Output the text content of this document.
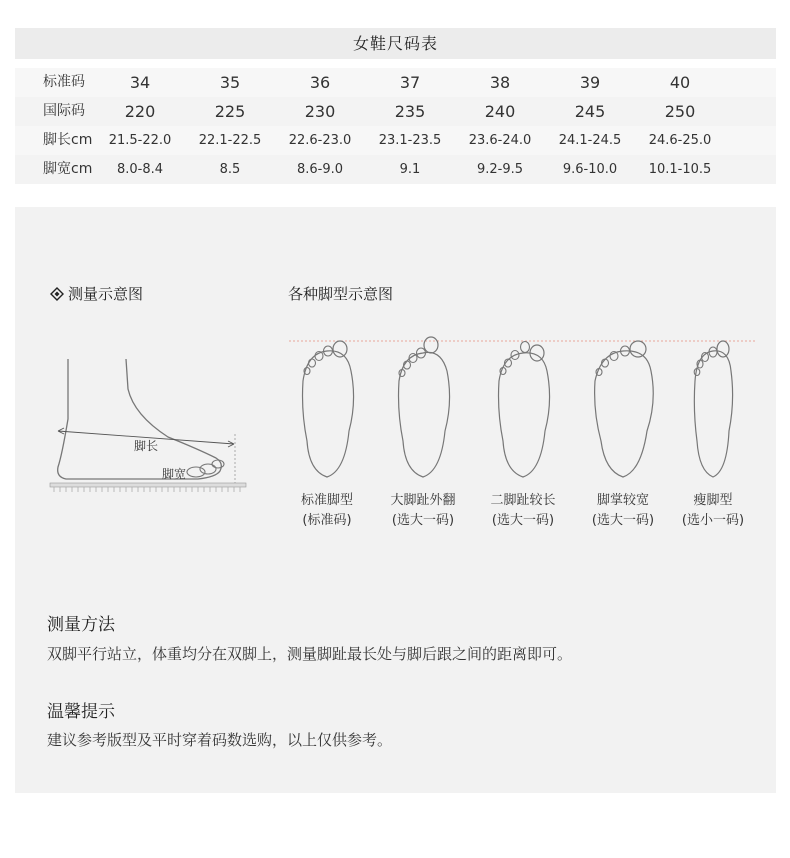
女鞋尺码表
标准码	34	35	36	37	38	39	40
国际码	220	225	230	235	240	245	250
脚长cm	21.5-22.0	22.1-22.5	22.6-23.0	23.1-23.5	23.6-24.0	24.1-24.5	24.6-25.0
脚宽cm	8.0-8.4	8.5	8.6-9.0	9.1	9.2-9.5	9.6-10.0	10.1-10.5
测量示意图	各种脚型示意图
脚长
脚宽
标准脚型
(标准码)
大脚趾外翻
(选大一码)
二脚趾较长
(选大一码)
脚掌较宽
(选大一码)
瘦脚型
(选小一码)
测量方法
双脚平行站立，体重均分在双脚上，测量脚趾最长处与脚后跟之间的距离即可。
温馨提示
建议参考版型及平时穿着码数选购，以上仅供参考。
